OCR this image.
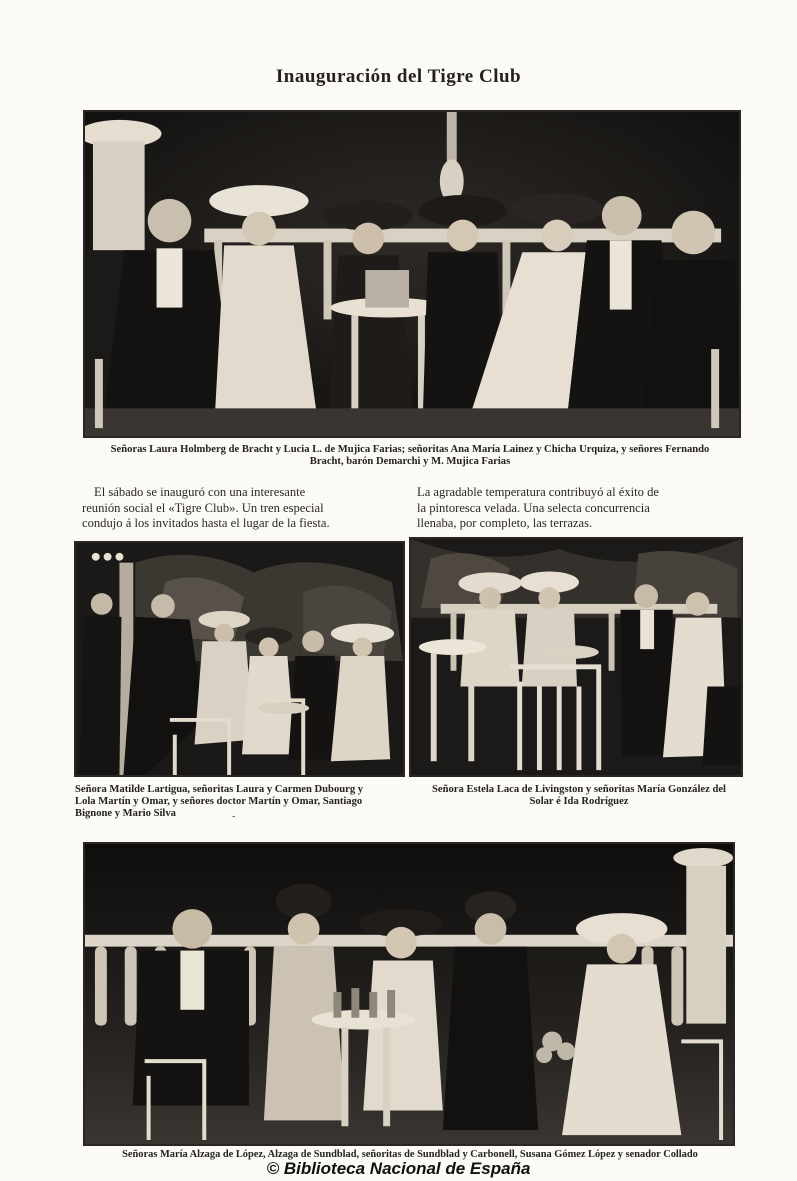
Inauguración del Tigre Club
Señoras Laura Holmberg de Bracht y Lucia L. de Mujica Farias; señoritas Ana María Lainez y Chicha Urquiza, y señores Fernando
Bracht, barón Demarchi y M. Mujica Farias
El sábado se inauguró con una interesante
reunión social el «Tigre Club». Un tren especial
condujo á los invitados hasta el lugar de la fiesta.
La agradable temperatura contribuyó al éxito de
la pintoresca velada. Una selecta concurrencia
llenaba, por completo, las terrazas.
Señora Matilde Lartigua, señoritas Laura y Carmen Dubourg y
Lola Martín y Omar, y señores doctor Martín y Omar, Santiago
Bignone y Mario Silva	-
Señora Estela Laca de Livingston y señoritas María González del
Solar é Ida Rodríguez
Señoras María Alzaga de López, Alzaga de Sundblad, señoritas de Sundblad y Carbonell, Susana Gómez López y senador Collado
© Biblioteca Nacional de España
